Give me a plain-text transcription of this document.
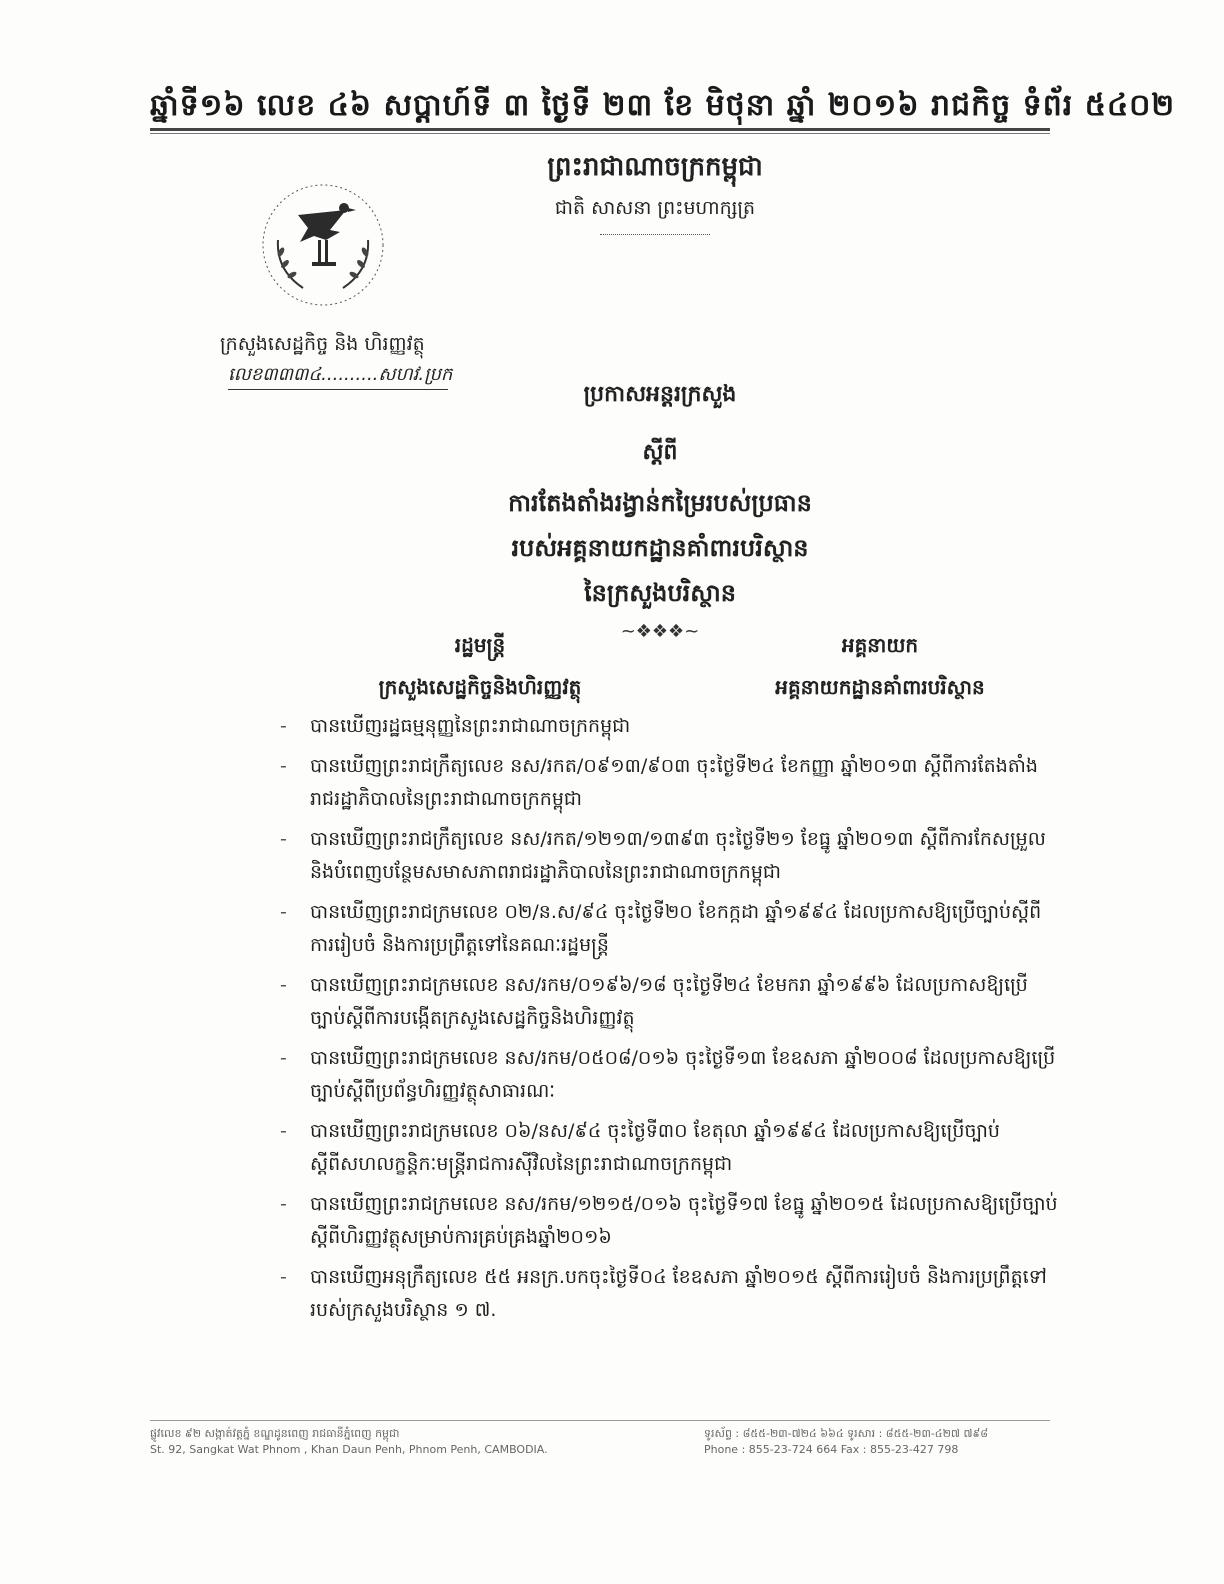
ឆ្នាំទី១៦ លេខ ៤៦ សប្តាហ៍ទី ៣ ថ្ងៃទី ២៣ ខែ មិថុនា ឆ្នាំ ២០១៦ រាជកិច្ច ទំព័រ ៥៤០២
ព្រះរាជាណាចក្រកម្ពុជា
ជាតិ សាសនា ព្រះមហាក្សត្រ
ក្រសួងសេដ្ឋកិច្ច និង ហិរញ្ញវត្ថុ
លេខ៣៣៣៤..........សហវ.ប្រក
ប្រកាសអន្តរក្រសួង
ស្តីពី
ការតែងតាំងរង្វាន់កម្រៃរបស់ប្រធាន
របស់អគ្គនាយកដ្ឋានគាំពារបរិស្ថាន
នៃក្រសួងបរិស្ថាន
~❖❖❖~
រដ្ឋមន្ត្រី
ក្រសួងសេដ្ឋកិច្ចនិងហិរញ្ញវត្ថុ
អគ្គនាយក
អគ្គនាយកដ្ឋានគាំពារបរិស្ថាន
- បានឃើញរដ្ឋធម្មនុញ្ញនៃព្រះរាជាណាចក្រកម្ពុជា
- បានឃើញព្រះរាជក្រឹត្យលេខ នស/រកត/០៩១៣/៩០៣ ចុះថ្ងៃទី២៤ ខែកញ្ញា ឆ្នាំ២០១៣ ស្តីពីការតែងតាំងរាជរដ្ឋាភិបាលនៃព្រះរាជាណាចក្រកម្ពុជា
- បានឃើញព្រះរាជក្រឹត្យលេខ នស/រកត/១២១៣/១៣៩៣ ចុះថ្ងៃទី២១ ខែធ្នូ ឆ្នាំ២០១៣ ស្តីពីការកែសម្រួលនិងបំពេញបន្ថែមសមាសភាពរាជរដ្ឋាភិបាលនៃព្រះរាជាណាចក្រកម្ពុជា
- បានឃើញព្រះរាជក្រមលេខ ០២/ន.ស/៩៤ ចុះថ្ងៃទី២០ ខែកក្កដា ឆ្នាំ១៩៩៤ ដែលប្រកាសឱ្យប្រើច្បាប់ស្តីពីការរៀបចំ និងការប្រព្រឹត្តទៅនៃគណៈរដ្ឋមន្ត្រី
- បានឃើញព្រះរាជក្រមលេខ នស/រកម/០១៩៦/១៨ ចុះថ្ងៃទី២៤ ខែមករា ឆ្នាំ១៩៩៦ ដែលប្រកាសឱ្យប្រើច្បាប់ស្តីពីការបង្កើតក្រសួងសេដ្ឋកិច្ចនិងហិរញ្ញវត្ថុ
- បានឃើញព្រះរាជក្រមលេខ នស/រកម/០៥០៨/០១៦ ចុះថ្ងៃទី១៣ ខែឧសភា ឆ្នាំ២០០៨ ដែលប្រកាសឱ្យប្រើច្បាប់ស្តីពីប្រព័ន្ធហិរញ្ញវត្ថុសាធារណៈ
- បានឃើញព្រះរាជក្រមលេខ ០៦/នស/៩៤ ចុះថ្ងៃទី៣០ ខែតុលា ឆ្នាំ១៩៩៤ ដែលប្រកាសឱ្យប្រើច្បាប់ស្តីពីសហលក្ខន្តិកៈមន្ត្រីរាជការស៊ីវិលនៃព្រះរាជាណាចក្រកម្ពុជា
- បានឃើញព្រះរាជក្រមលេខ នស/រកម/១២១៥/០១៦ ចុះថ្ងៃទី១៧ ខែធ្នូ ឆ្នាំ២០១៥ ដែលប្រកាសឱ្យប្រើច្បាប់ស្តីពីហិរញ្ញវត្ថុសម្រាប់ការគ្រប់គ្រងឆ្នាំ២០១៦
- បានឃើញអនុក្រឹត្យលេខ ៥៥ អនក្រ.បកចុះថ្ងៃទី០៤ ខែឧសភា ឆ្នាំ២០១៥ ស្តីពីការរៀបចំ និងការប្រព្រឹត្តទៅរបស់ក្រសួងបរិស្ថាន ១ ៧.
ផ្លូវលេខ ៩២ សង្កាត់វត្តភ្នំ ខណ្ឌដូនពេញ រាជធានីភ្នំពេញ កម្ពុជា
St. 92, Sangkat Wat Phnom , Khan Daun Penh, Phnom Penh, CAMBODIA.
ទូរស័ព្ទ : ៨៥៥-២៣-៧២៤ ៦៦៤ ទូរសារ : ៨៥៥-២៣-៤២៧ ៧៩៨
Phone : 855-23-724 664 Fax : 855-23-427 798
